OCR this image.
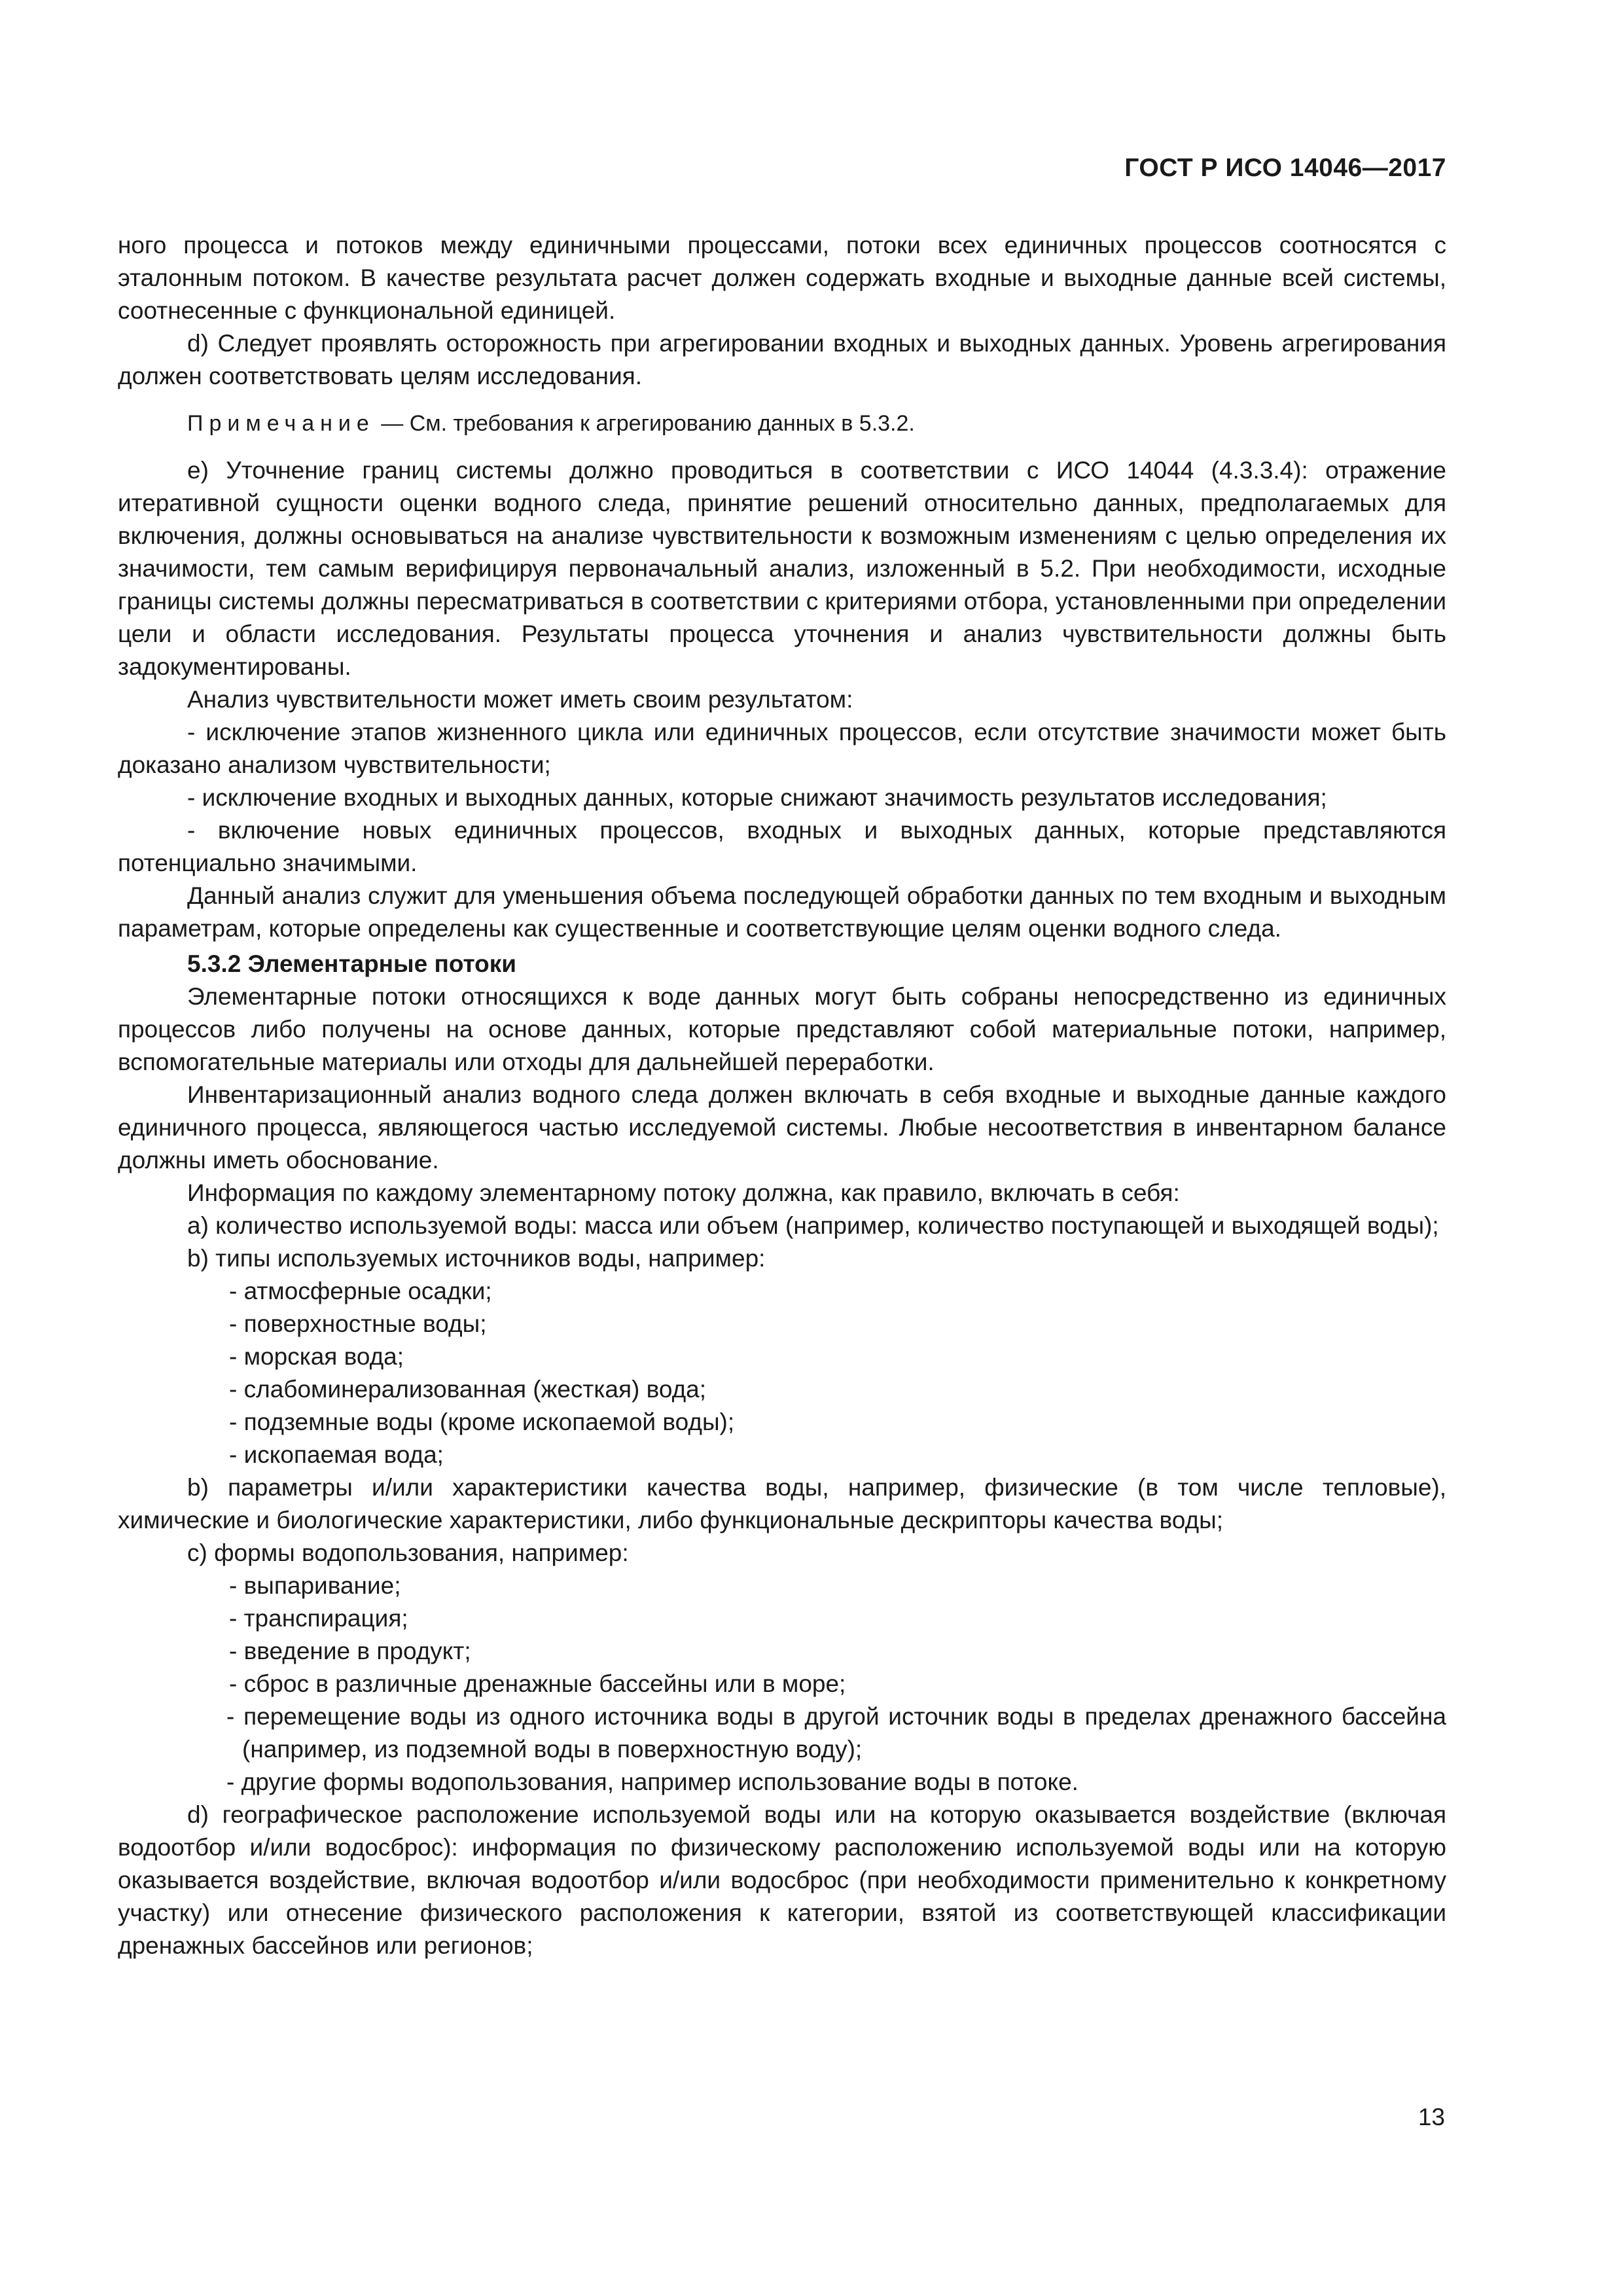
ГОСТ Р ИСО 14046—2017

ного процесса и потоков между единичными процессами, потоки всех единичных процессов соотносятся с эталонным потоком. В качестве результата расчет должен содержать входные и выходные данные всей системы, соотнесенные с функциональной единицей.

d) Следует проявлять осторожность при агрегировании входных и выходных данных. Уровень агрегирования должен соответствовать целям исследования.

Примечание — См. требования к агрегированию данных в 5.3.2.

e) Уточнение границ системы должно проводиться в соответствии с ИСО 14044 (4.3.3.4): отражение итеративной сущности оценки водного следа, принятие решений относительно данных, предполагаемых для включения, должны основываться на анализе чувствительности к возможным изменениям с целью определения их значимости, тем самым верифицируя первоначальный анализ, изложенный в 5.2. При необходимости, исходные границы системы должны пересматриваться в соответствии с критериями отбора, установленными при определении цели и области исследования. Результаты процесса уточнения и анализ чувствительности должны быть задокументированы.

Анализ чувствительности может иметь своим результатом:

- исключение этапов жизненного цикла или единичных процессов, если отсутствие значимости может быть доказано анализом чувствительности;

- исключение входных и выходных данных, которые снижают значимость результатов исследования;

- включение новых единичных процессов, входных и выходных данных, которые представляются потенциально значимыми.

Данный анализ служит для уменьшения объема последующей обработки данных по тем входным и выходным параметрам, которые определены как существенные и соответствующие целям оценки водного следа.

5.3.2 Элементарные потоки

Элементарные потоки относящихся к воде данных могут быть собраны непосредственно из единичных процессов либо получены на основе данных, которые представляют собой материальные потоки, например, вспомогательные материалы или отходы для дальнейшей переработки.

Инвентаризационный анализ водного следа должен включать в себя входные и выходные данные каждого единичного процесса, являющегося частью исследуемой системы. Любые несоответствия в инвентарном балансе должны иметь обоснование.

Информация по каждому элементарному потоку должна, как правило, включать в себя:

a) количество используемой воды: масса или объем (например, количество поступающей и выходящей воды);

b) типы используемых источников воды, например:

- атмосферные осадки;

- поверхностные воды;

- морская вода;

- слабоминерализованная (жесткая) вода;

- подземные воды (кроме ископаемой воды);

- ископаемая вода;

b) параметры и/или характеристики качества воды, например, физические (в том числе тепловые), химические и биологические характеристики, либо функциональные дескрипторы качества воды;

c) формы водопользования, например:

- выпаривание;

- транспирация;

- введение в продукт;

- сброс в различные дренажные бассейны или в море;

- перемещение воды из одного источника воды в другой источник воды в пределах дренажного бассейна (например, из подземной воды в поверхностную воду);

- другие формы водопользования, например использование воды в потоке.

d) географическое расположение используемой воды или на которую оказывается воздействие (включая водоотбор и/или водосброс): информация по физическому расположению используемой воды или на которую оказывается воздействие, включая водоотбор и/или водосброс (при необходимости применительно к конкретному участку) или отнесение физического расположения к категории, взятой из соответствующей классификации дренажных бассейнов или регионов;

13
